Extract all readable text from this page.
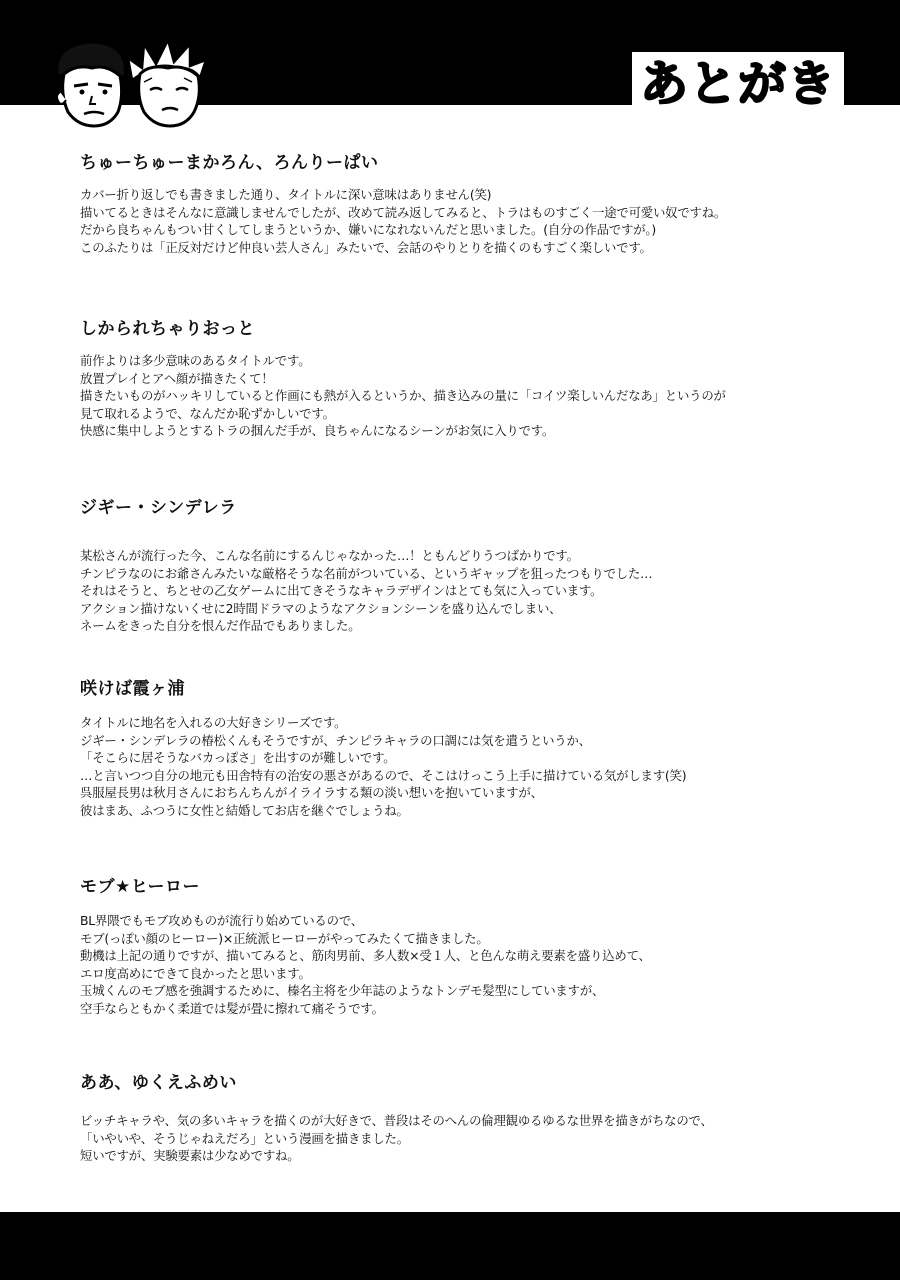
あとがき
ちゅーちゅーまかろん、ろんりーぱい
カバー折り返しでも書きました通り、タイトルに深い意味はありません(笑)
描いてるときはそんなに意識しませんでしたが、改めて読み返してみると、トラはものすごく一途で可愛い奴ですね。
だから良ちゃんもつい甘くしてしまうというか、嫌いになれないんだと思いました。(自分の作品ですが。)
このふたりは「正反対だけど仲良い芸人さん」みたいで、会話のやりとりを描くのもすごく楽しいです。
しかられちゃりおっと
前作よりは多少意味のあるタイトルです。
放置プレイとアヘ顔が描きたくて！
描きたいものがハッキリしていると作画にも熱が入るというか、描き込みの量に「コイツ楽しいんだなあ」というのが
見て取れるようで、なんだか恥ずかしいです。
快感に集中しようとするトラの掴んだ手が、良ちゃんになるシーンがお気に入りです。
ジギー・シンデレラ
某松さんが流行った今、こんな名前にするんじゃなかった…！ともんどりうつばかりです。
チンピラなのにお爺さんみたいな厳格そうな名前がついている、というギャップを狙ったつもりでした…
それはそうと、ちとせの乙女ゲームに出てきそうなキャラデザインはとても気に入っています。
アクション描けないくせに2時間ドラマのようなアクションシーンを盛り込んでしまい、
ネームをきった自分を恨んだ作品でもありました。
咲けば霞ヶ浦
タイトルに地名を入れるの大好きシリーズです。
ジギー・シンデレラの椿松くんもそうですが、チンピラキャラの口調には気を遣うというか、
「そこらに居そうなバカっぽさ」を出すのが難しいです。
…と言いつつ自分の地元も田舎特有の治安の悪さがあるので、そこはけっこう上手に描けている気がします(笑)
呉服屋長男は秋月さんにおちんちんがイライラする類の淡い想いを抱いていますが、
彼はまあ、ふつうに女性と結婚してお店を継ぐでしょうね。
モブ★ヒーロー
BL界隈でもモブ攻めものが流行り始めているので、
モブ(っぽい顔のヒーロー)×正統派ヒーローがやってみたくて描きました。
動機は上記の通りですが、描いてみると、筋肉男前、多人数×受１人、と色んな萌え要素を盛り込めて、
エロ度高めにできて良かったと思います。
玉城くんのモブ感を強調するために、榛名主将を少年誌のようなトンデモ髪型にしていますが、
空手ならともかく柔道では髪が畳に擦れて痛そうです。
ああ、ゆくえふめい
ビッチキャラや、気の多いキャラを描くのが大好きで、普段はそのへんの倫理観ゆるゆるな世界を描きがちなので、
「いやいや、そうじゃねえだろ」という漫画を描きました。
短いですが、実験要素は少なめですね。
